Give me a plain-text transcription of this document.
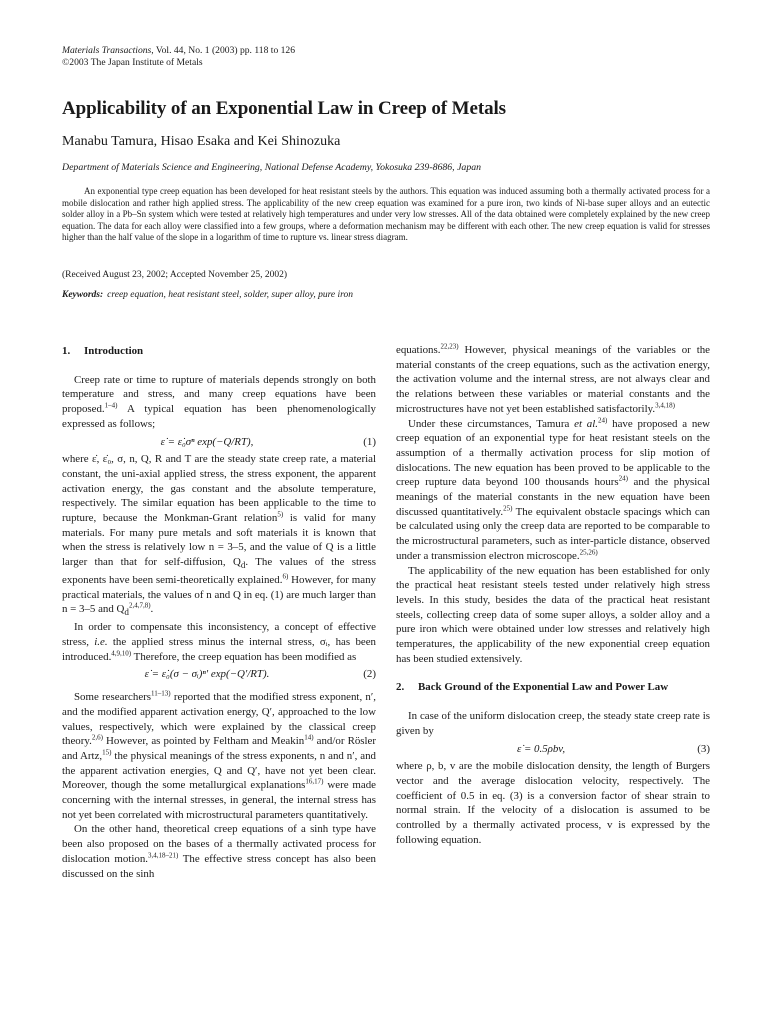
Materials Transactions, Vol. 44, No. 1 (2003) pp. 118 to 126
©2003 The Japan Institute of Metals
Applicability of an Exponential Law in Creep of Metals
Manabu Tamura, Hisao Esaka and Kei Shinozuka
Department of Materials Science and Engineering, National Defense Academy, Yokosuka 239-8686, Japan
An exponential type creep equation has been developed for heat resistant steels by the authors. This equation was induced assuming both a thermally activated process for a mobile dislocation and rather high applied stress. The applicability of the new creep equation was examined for a pure iron, two kinds of Ni-base super alloys and an eutectic solder alloy in a Pb–Sn system which were tested at relatively high temperatures and under very low stresses. All of the data obtained were completely explained by the new creep equation. The data for each alloy were classified into a few groups, where a deformation mechanism may be different with each other. The new creep equation is valid for stresses higher than the half value of the slope in a logarithm of time to rupture vs. linear stress diagram.
(Received August 23, 2002; Accepted November 25, 2002)
Keywords: creep equation, heat resistant steel, solder, super alloy, pure iron
1. Introduction

Creep rate or time to rupture of materials depends strongly on both temperature and stress, and many creep equations have been proposed.$^{1-4)}$ A typical equation has been phenomenologically expressed as follows;

ε̇ = ε̇₀σⁿ exp(−Q/RT),	(1)

where ε̇, ε̇₀, σ, n, Q, R and T are the steady state creep rate, a material constant, the uni-axial applied stress, the stress exponent, the apparent activation energy, the gas constant and the absolute temperature, respectively. The similar equation has been applicable to the time to rupture, because the Monkman-Grant relation$^{5)}$ is valid for many materials. For many pure metals and soft materials it is known that when the stress is relatively low n = 3–5, and the value of Q is a little larger than that for self-diffusion, $Q_d$. The values of the stress exponents have been semi-theoretically explained.$^{6)}$ However, for many practical materials, the values of n and Q in eq. (1) are much larger than n = 3–5 and $Q_d^{2,4,7,8)}$.

In order to compensate this inconsistency, a concept of effective stress, i.e. the applied stress minus the internal stress, σᵢ, has been introduced.$^{4,9,10)}$ Therefore, the creep equation has been modified as

ε̇ = ε̇₀(σ − σᵢ)ⁿ′ exp(−Q′/RT).	(2)

Some researchers$^{11-13)}$ reported that the modified stress exponent, n′, and the modified apparent activation energy, Q′, approached to the low values, respectively, which were explained by the classical creep theory.$^{2,6)}$ However, as pointed by Feltham and Meakin$^{14)}$ and/or Rösler and Artz,$^{15)}$ the physical meanings of the stress exponents, n and n′, and the apparent activation energies, Q and Q′, have not yet been clear. Moreover, though the some metallurgical explanations$^{16,17)}$ were made concerning with the internal stresses, in general, the internal stress has not yet been correlated with microstructural parameters quantitatively.

On the other hand, theoretical creep equations of a sinh type have been also proposed on the bases of a thermally activated process for dislocation motion.$^{3,4,18-21)}$ The effective stress concept has also been discussed on the sinh

equations.$^{22,23)}$ However, physical meanings of the variables or the material constants of the creep equations, such as the activation energy, the activation volume and the internal stress, are not always clear and the relations between these variables or material constants and the microstructures have not yet been established satisfactorily.$^{3,4,18)}$

Under these circumstances, Tamura et al.$^{24)}$ have proposed a new creep equation of an exponential type for heat resistant steels on the assumption of a thermally activation process for slip motion of dislocations. The new equation has been proved to be applicable to the creep rupture data beyond 100 thousands hours$^{24)}$ and the physical meanings of the material constants in the new equation have been discussed quantitatively.$^{25)}$ The equivalent obstacle spacings which can be calculated using only the creep data are reported to be comparable to the microstructural parameters, such as inter-particle distance, observed under a transmission electron microscope.$^{25,26)}$

The applicability of the new equation has been established for only the practical heat resistant steels tested under relatively high stress levels. In this study, besides the data of the practical heat resistant steels, collecting creep data of some super alloys, a solder alloy and a pure iron which were obtained under low stresses and relatively high temperatures, the applicability of the new exponential creep equation has been studied extensively.

2. Back Ground of the Exponential Law and Power Law

In case of the uniform dislocation creep, the steady state creep rate is given by

ε̇ = 0.5ρbv,	(3)

where ρ, b, v are the mobile dislocation density, the length of Burgers vector and the average dislocation velocity, respectively. The coefficient of 0.5 in eq. (3) is a conversion factor of shear strain to normal strain. If the velocity of a dislocation is assumed to be controlled by a thermally activated process, v is expressed by the following equation.
